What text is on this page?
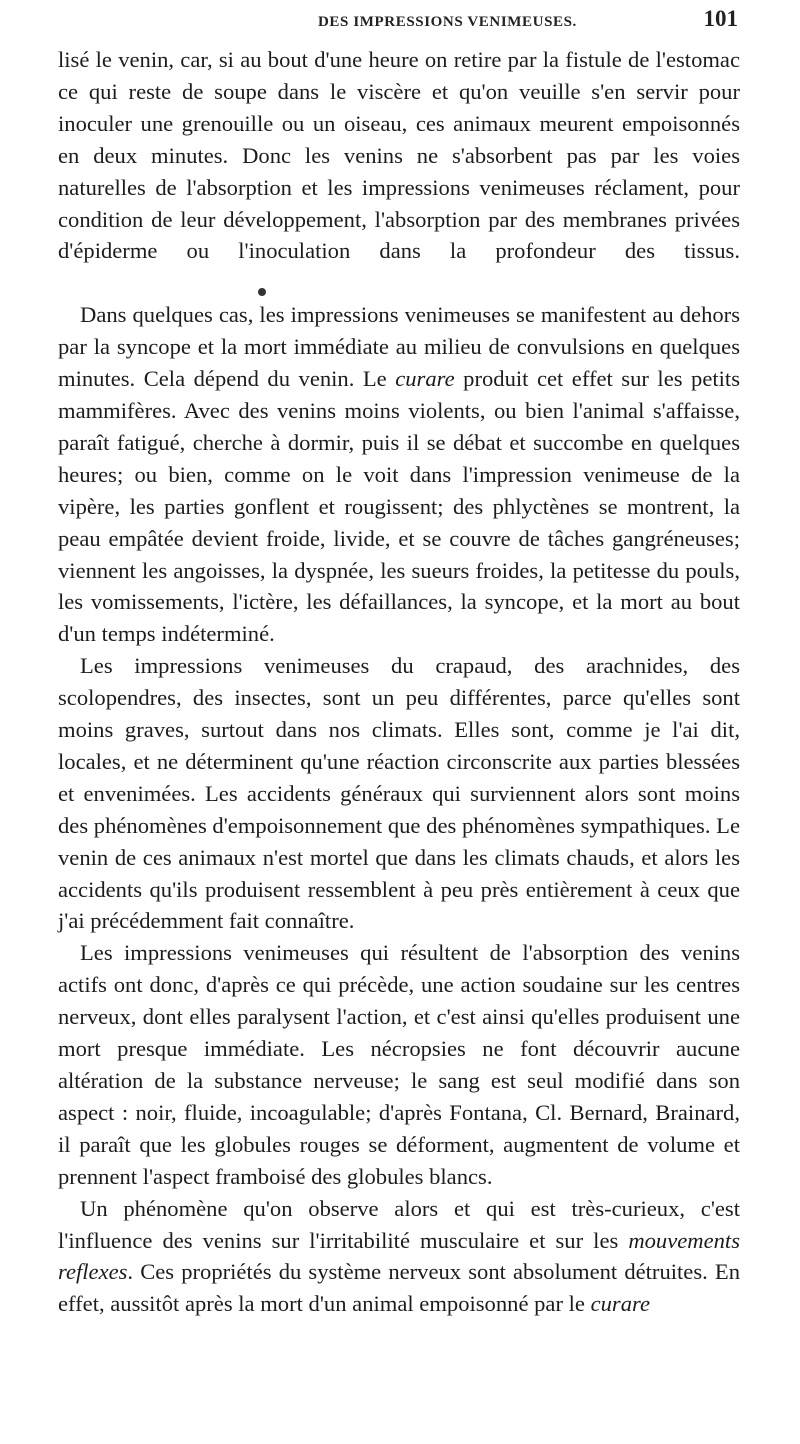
DES IMPRESSIONS VENIMEUSES.	101

lisé le venin, car, si au bout d'une heure on retire par la fistule de l'estomac ce qui reste de soupe dans le viscère et qu'on veuille s'en servir pour inoculer une grenouille ou un oiseau, ces animaux meurent empoisonnés en deux minutes. Donc les venins ne s'absorbent pas par les voies naturelles de l'absorption et les impressions venimeuses réclament, pour condition de leur développement, l'absorption par des membranes privées d'épiderme ou l'inoculation dans la profondeur des tissus.

Dans quelques cas, les impressions venimeuses se manifestent au dehors par la syncope et la mort immédiate au milieu de convulsions en quelques minutes. Cela dépend du venin. Le curare produit cet effet sur les petits mammifères. Avec des venins moins violents, ou bien l'animal s'affaisse, paraît fatigué, cherche à dormir, puis il se débat et succombe en quelques heures; ou bien, comme on le voit dans l'impression venimeuse de la vipère, les parties gonflent et rougissent; des phlyctènes se montrent, la peau empâtée devient froide, livide, et se couvre de tâches gangréneuses; viennent les angoisses, la dyspnée, les sueurs froides, la petitesse du pouls, les vomissements, l'ictère, les défaillances, la syncope, et la mort au bout d'un temps indéterminé.

Les impressions venimeuses du crapaud, des arachnides, des scolopendres, des insectes, sont un peu différentes, parce qu'elles sont moins graves, surtout dans nos climats. Elles sont, comme je l'ai dit, locales, et ne déterminent qu'une réaction circonscrite aux parties blessées et envenimées. Les accidents généraux qui surviennent alors sont moins des phénomènes d'empoisonnement que des phénomènes sympathiques. Le venin de ces animaux n'est mortel que dans les climats chauds, et alors les accidents qu'ils produisent ressemblent à peu près entièrement à ceux que j'ai précédemment fait connaître.

Les impressions venimeuses qui résultent de l'absorption des venins actifs ont donc, d'après ce qui précède, une action soudaine sur les centres nerveux, dont elles paralysent l'action, et c'est ainsi qu'elles produisent une mort presque immédiate. Les nécropsies ne font découvrir aucune altération de la substance nerveuse; le sang est seul modifié dans son aspect : noir, fluide, incoagulable; d'après Fontana, Cl. Bernard, Brainard, il paraît que les globules rouges se déforment, augmentent de volume et prennent l'aspect framboisé des globules blancs.

Un phénomène qu'on observe alors et qui est très-curieux, c'est l'influence des venins sur l'irritabilité musculaire et sur les mouvements reflexes. Ces propriétés du système nerveux sont absolument détruites. En effet, aussitôt après la mort d'un animal empoisonné par le curare
